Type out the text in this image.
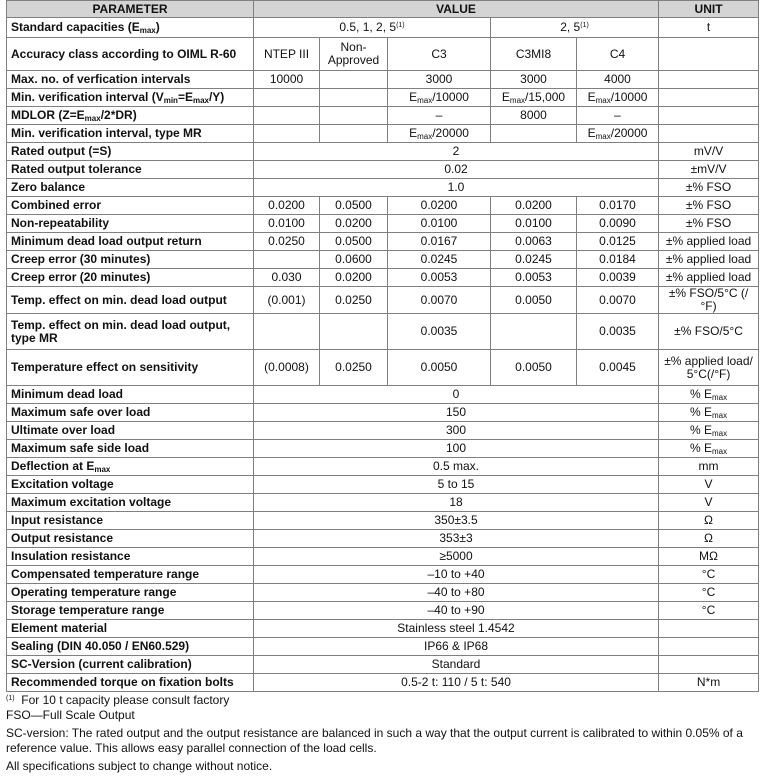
PARAMETER	VALUE					UNIT
Standard capacities $(E_{max})$	0.5, 1, 2, 5$^{(1)}$			2, 5$^{(1)}$		t
Accuracy class according to OIML R-60	NTEP III	Non-Approved	C3	C3MI8	C4	
Max. no. of verfication intervals	10000		3000	3000	4000	
Min. verification interval $(V_{min}=E_{max}/Y)$			$E_{max}/10000$	$E_{max}/15,000$	$E_{max}/10000$	
MDLOR $(Z=E_{max}/2*DR)$			–	8000	–	
Min. verification interval, type MR			$E_{max}/20000$		$E_{max}/20000$	
Rated output (=S)	2					mV/V
Rated output tolerance	0.02					±mV/V
Zero balance	1.0					±% FSO
Combined error	0.0200	0.0500	0.0200	0.0200	0.0170	±% FSO
Non-repeatability	0.0100	0.0200	0.0100	0.0100	0.0090	±% FSO
Minimum dead load output return	0.0250	0.0500	0.0167	0.0063	0.0125	±% applied load
Creep error (30 minutes)		0.0600	0.0245	0.0245	0.0184	±% applied load
Creep error (20 minutes)	0.030	0.0200	0.0053	0.0053	0.0039	±% applied load
Temp. effect on min. dead load output	(0.001)	0.0250	0.0070	0.0050	0.0070	±% FSO/5°C (/°F)
Temp. effect on min. dead load output, type MR			0.0035		0.0035	±% FSO/5°C
Temperature effect on sensitivity	(0.0008)	0.0250	0.0050	0.0050	0.0045	±% applied load/ 5°C(/°F)
Minimum dead load	0					% $E_{max}$
Maximum safe over load	150					% $E_{max}$
Ultimate over load	300					% $E_{max}$
Maximum safe side load	100					% $E_{max}$
Deflection at $E_{max}$	0.5 max.					mm
Excitation voltage	5 to 15					V
Maximum excitation voltage	18					V
Input resistance	350±3.5					Ω
Output resistance	353±3					Ω
Insulation resistance	≥5000					MΩ
Compensated temperature range	–10 to +40					°C
Operating temperature range	–40 to +80					°C
Storage temperature range	–40 to +90					°C
Element material	Stainless steel 1.4542					
Sealing (DIN 40.050 / EN60.529)	IP66 & IP68					
SC-Version (current calibration)	Standard					
Recommended torque on fixation bolts	0.5-2 t: 110 / 5 t: 540					N*m

$^{(1)}$ For 10 t capacity please consult factory

FSO—Full Scale Output

SC-version: The rated output and the output resistance are balanced in such a way that the output current is calibrated to within 0.05% of a reference value. This allows easy parallel connection of the load cells.

All specifications subject to change without notice.
